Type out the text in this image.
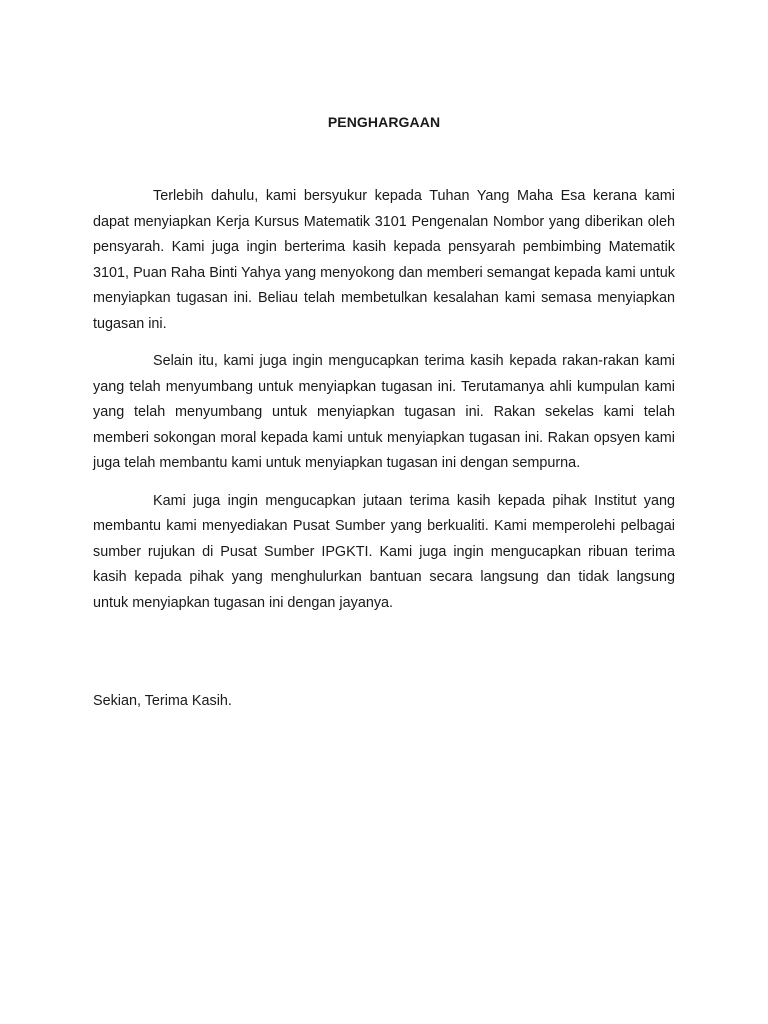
PENGHARGAAN

Terlebih dahulu, kami bersyukur kepada Tuhan Yang Maha Esa kerana kami dapat menyiapkan Kerja Kursus Matematik 3101 Pengenalan Nombor yang diberikan oleh pensyarah. Kami juga ingin berterima kasih kepada pensyarah pembimbing Matematik 3101, Puan Raha Binti Yahya yang menyokong dan memberi semangat kepada kami untuk menyiapkan tugasan ini. Beliau telah membetulkan kesalahan kami semasa menyiapkan tugasan ini.

Selain itu, kami juga ingin mengucapkan terima kasih kepada rakan-rakan kami yang telah menyumbang untuk menyiapkan tugasan ini. Terutamanya ahli kumpulan kami yang telah menyumbang untuk menyiapkan tugasan ini. Rakan sekelas kami telah memberi sokongan moral kepada kami untuk menyiapkan tugasan ini. Rakan opsyen kami juga telah membantu kami untuk menyiapkan tugasan ini dengan sempurna.

Kami juga ingin mengucapkan jutaan terima kasih kepada pihak Institut yang membantu kami menyediakan Pusat Sumber yang berkualiti. Kami memperolehi pelbagai sumber rujukan di Pusat Sumber IPGKTI. Kami juga ingin mengucapkan ribuan terima kasih kepada pihak yang menghulurkan bantuan secara langsung dan tidak langsung untuk menyiapkan tugasan ini dengan jayanya.

Sekian, Terima Kasih.
